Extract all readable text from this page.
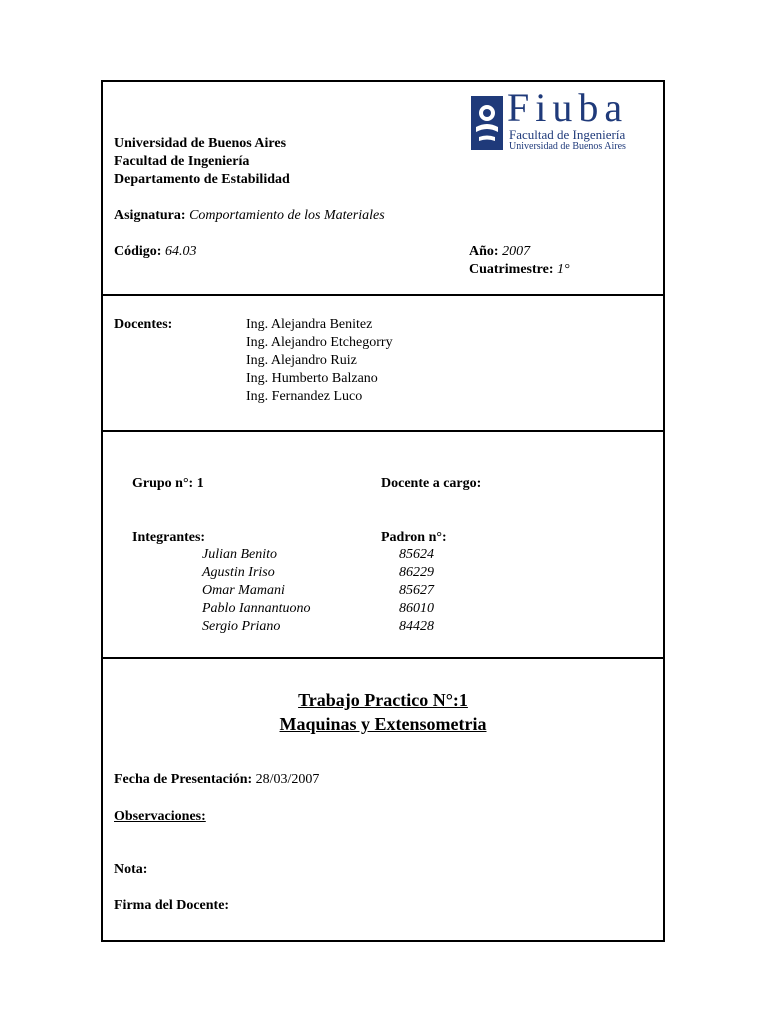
Universidad de Buenos Aires
Facultad de Ingeniería
Departamento de Estabilidad
Asignatura: Comportamiento de los Materiales
Código: 64.03	Año: 2007
Cuatrimestre: 1°
Fiuba
Facultad de Ingeniería
Universidad de Buenos Aires
Docentes:	Ing. Alejandra Benitez
Ing. Alejandro Etchegorry
Ing. Alejandro Ruiz
Ing. Humberto Balzano
Ing. Fernandez Luco
Grupo n°: 1	Docente a cargo:
Integrantes:	Padron n°:
Julian Benito	85624
Agustin Iriso	86229
Omar Mamani	85627
Pablo Iannantuono	86010
Sergio Priano	84428
Trabajo Practico N°:1
Maquinas y Extensometria
Fecha de Presentación: 28/03/2007
Observaciones:
Nota:
Firma del Docente:
